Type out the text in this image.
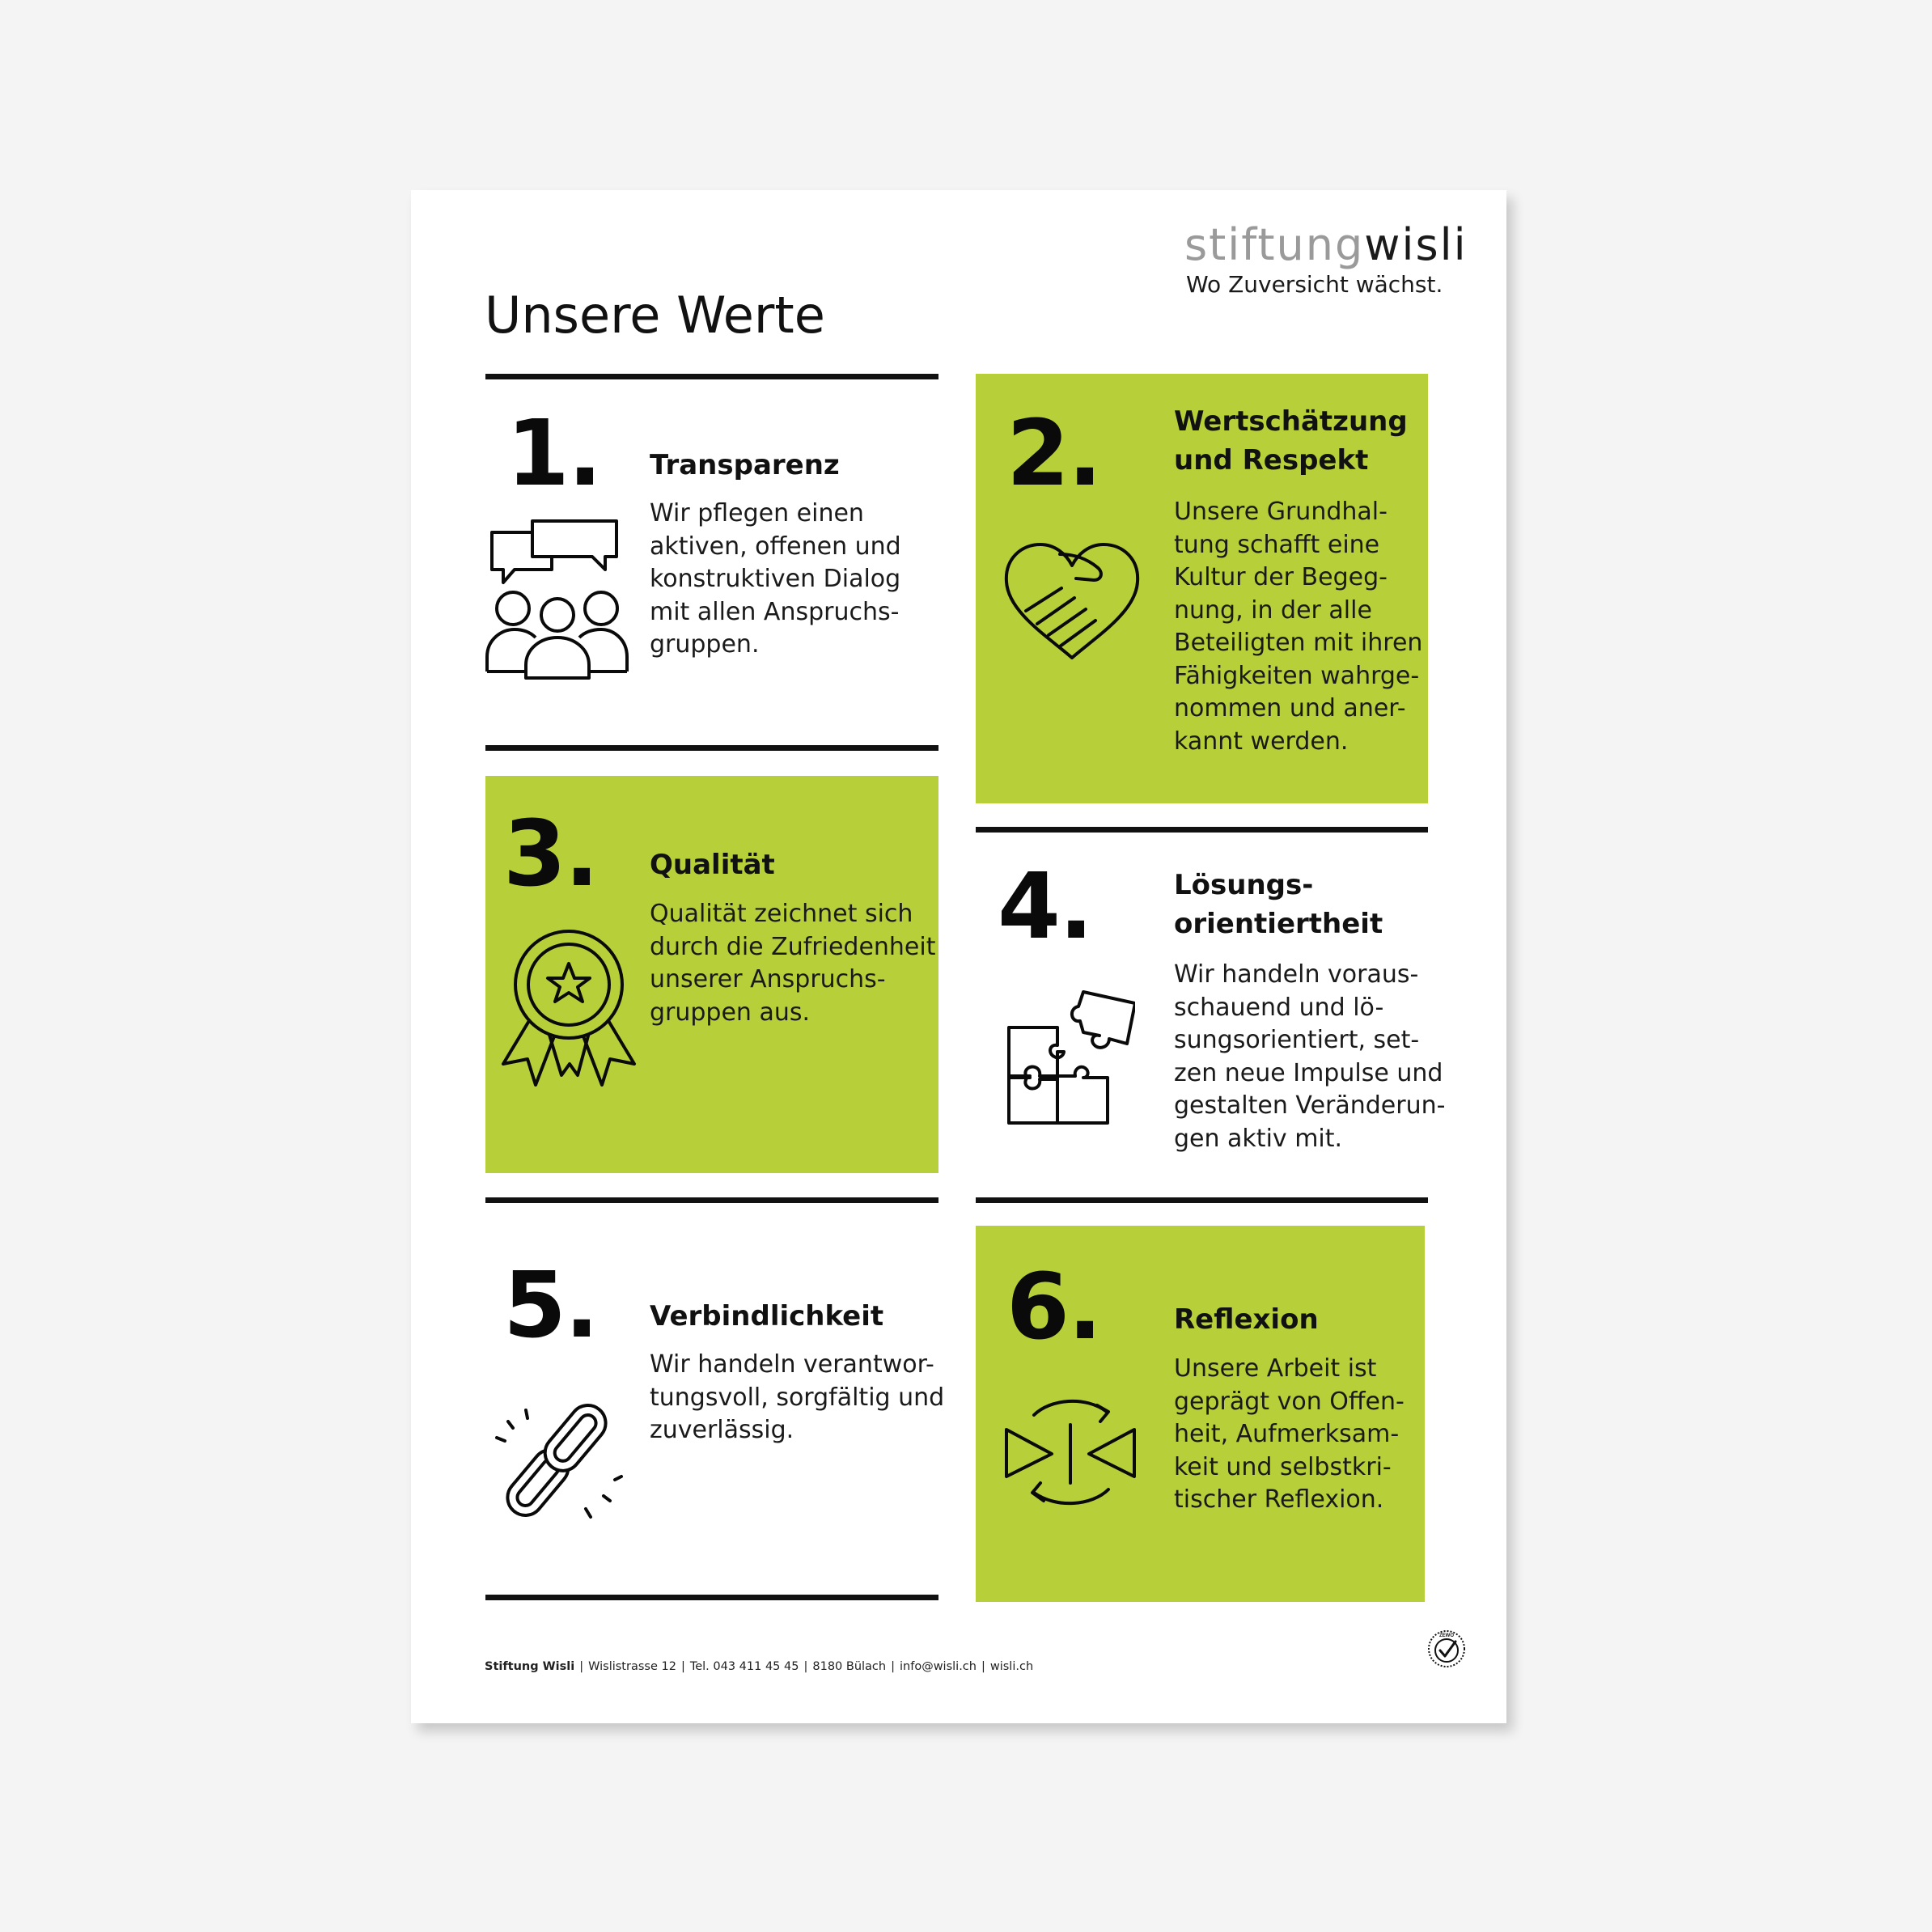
stiftungwisli
Wo Zuversicht wächst.
Unsere Werte
1. Transparenz
Wir pflegen einen
aktiven, offenen und
konstruktiven Dialog
mit allen Anspruchs-
gruppen.
2.	Wertschätzung
und Respekt
Unsere Grundhal-
tung schafft eine
Kultur der Begeg-
nung, in der alle
Beteiligten mit ihren
Fähigkeiten wahrge-
nommen und aner-
kannt werden.
3. Qualität
Qualität zeichnet sich
durch die Zufriedenheit
unserer Anspruchs-
gruppen aus.
4.	Lösungs-
orientiertheit
Wir handeln voraus-
schauend und lö-
sungsorientiert, set-
zen neue Impulse und
gestalten Veränderun-
gen aktiv mit.
5. Verbindlichkeit
Wir handeln verantwor-
tungsvoll, sorgfältig und
zuverlässig.
6.	Reflexion
Unsere Arbeit ist
geprägt von Offen-
heit, Aufmerksam-
keit und selbstkri-
tischer Reflexion.
Stiftung Wisli | Wislistrasse 12 | Tel. 043 411 45 45 | 8180 Bülach | info@wisli.ch | wisli.ch
ZEWO
